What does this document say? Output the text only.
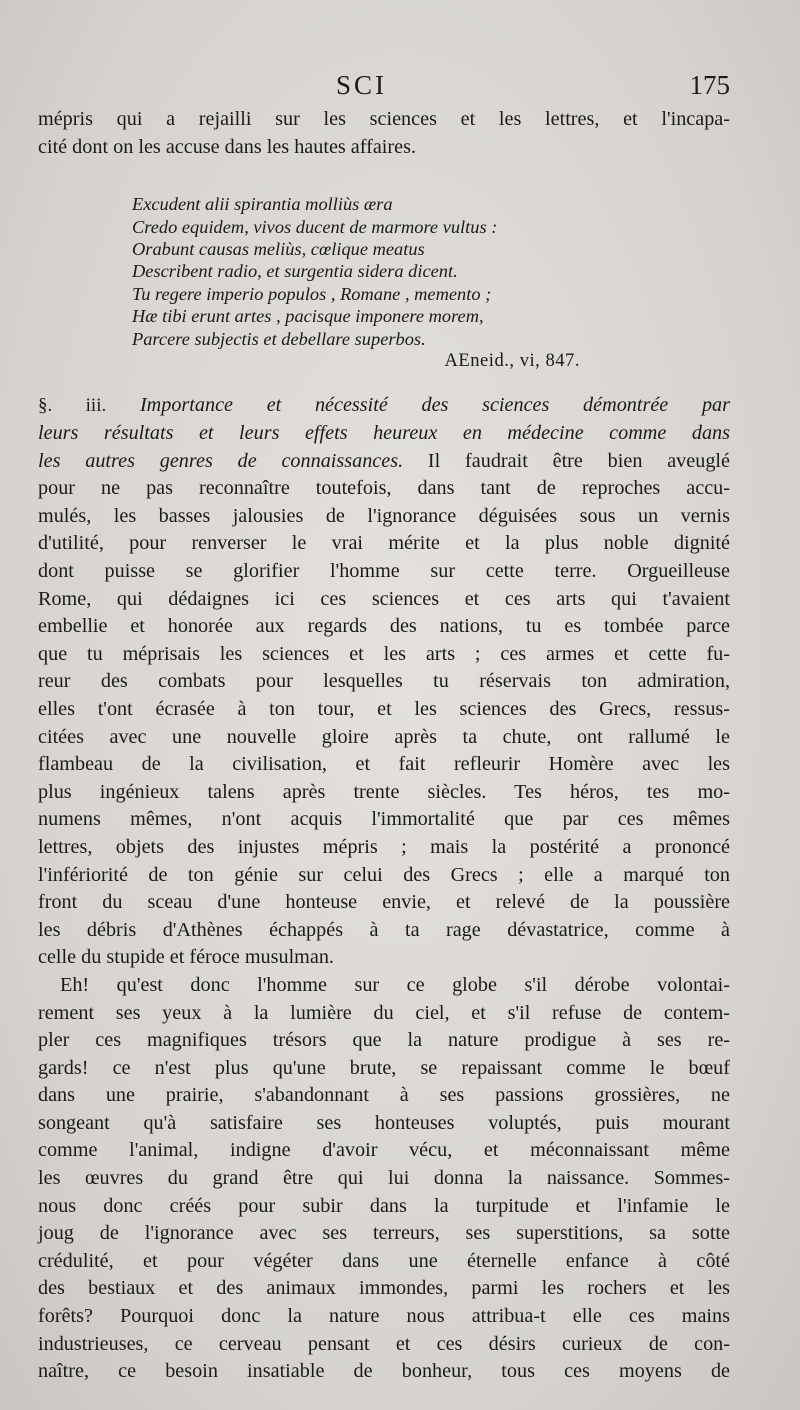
SCI	175
mépris qui a rejailli sur les sciences et les lettres, et l'incapa-
cité dont on les accuse dans les hautes affaires.
Excudent alii spirantia molliùs æra
Credo equidem, vivos ducent de marmore vultus :
Orabunt causas meliùs, cœlique meatus
Describent radio, et surgentia sidera dicent.
Tu regere imperio populos , Romane , memento ;
Hæ tibi erunt artes , pacisque imponere morem,
Parcere subjectis et debellare superbos.
AEneid., vi, 847.
§. iii. Importance et nécessité des sciences démontrée par
leurs résultats et leurs effets heureux en médecine comme dans
les autres genres de connaissances. Il faudrait être bien aveuglé
pour ne pas reconnaître toutefois, dans tant de reproches accu-
mulés, les basses jalousies de l'ignorance déguisées sous un vernis
d'utilité, pour renverser le vrai mérite et la plus noble dignité
dont puisse se glorifier l'homme sur cette terre. Orgueilleuse
Rome, qui dédaignes ici ces sciences et ces arts qui t'avaient
embellie et honorée aux regards des nations, tu es tombée parce
que tu méprisais les sciences et les arts ; ces armes et cette fu-
reur des combats pour lesquelles tu réservais ton admiration,
elles t'ont écrasée à ton tour, et les sciences des Grecs, ressus-
citées avec une nouvelle gloire après ta chute, ont rallumé le
flambeau de la civilisation, et fait refleurir Homère avec les
plus ingénieux talens après trente siècles. Tes héros, tes mo-
numens mêmes, n'ont acquis l'immortalité que par ces mêmes
lettres, objets des injustes mépris ; mais la postérité a prononcé
l'infériorité de ton génie sur celui des Grecs ; elle a marqué ton
front du sceau d'une honteuse envie, et relevé de la poussière
les débris d'Athènes échappés à ta rage dévastatrice, comme à
celle du stupide et féroce musulman.
Eh! qu'est donc l'homme sur ce globe s'il dérobe volontai-
rement ses yeux à la lumière du ciel, et s'il refuse de contem-
pler ces magnifiques trésors que la nature prodigue à ses re-
gards! ce n'est plus qu'une brute, se repaissant comme le bœuf
dans une prairie, s'abandonnant à ses passions grossières, ne
songeant qu'à satisfaire ses honteuses voluptés, puis mourant
comme l'animal, indigne d'avoir vécu, et méconnaissant même
les œuvres du grand être qui lui donna la naissance. Sommes-
nous donc créés pour subir dans la turpitude et l'infamie le
joug de l'ignorance avec ses terreurs, ses superstitions, sa sotte
crédulité, et pour végéter dans une éternelle enfance à côté
des bestiaux et des animaux immondes, parmi les rochers et les
forêts? Pourquoi donc la nature nous attribua-t elle ces mains
industrieuses, ce cerveau pensant et ces désirs curieux de con-
naître, ce besoin insatiable de bonheur, tous ces moyens de
